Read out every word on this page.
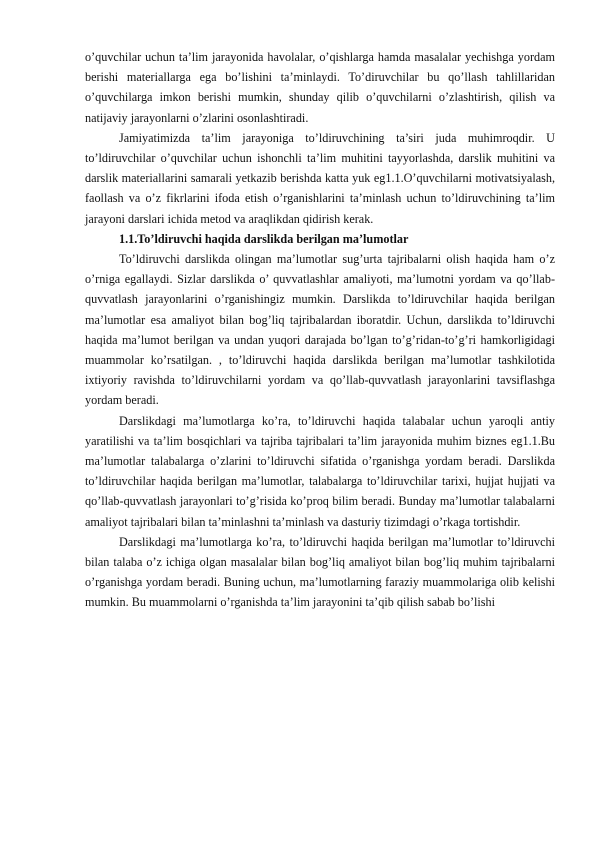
o’quvchilar uchun ta’lim jarayonida havolalar, o’qishlarga hamda masalalar yechishga yordam berishi materiallarga ega bo’lishini ta’minlaydi. To’diruvchilar bu qo’llash tahlillaridan o’quvchilarga imkon berishi mumkin, shunday qilib o’quvchilarni o’zlashtirish, qilish va natijaviy jarayonlarni o’zlarini osonlashtiradi.

Jamiyatimizda ta’lim jarayoniga to’ldiruvchining ta’siri juda muhimroqdir. U to’ldiruvchilar o’quvchilar uchun ishonchli ta’lim muhitini tayyorlashda, darslik muhitini va darslik materiallarini samarali yetkazib berishda katta yuk eg1.1.O’quvchilarni motivatsiyalash, faollash va o’z fikrlarini ifoda etish o’rganishlarini ta’minlash uchun to’ldiruvchining ta’lim jarayoni darslari ichida metod va araqlikdan qidirish kerak.

1.1.To’ldiruvchi haqida darslikda berilgan ma’lumotlar

To’ldiruvchi darslikda olingan ma’lumotlar sug’urta tajribalarni olish haqida ham o’z o’rniga egallaydi. Sizlar darslikda o’ quvvatlashlar amaliyoti, ma’lumotni yordam va qo’llab-quvvatlash jarayonlarini o’rganishingiz mumkin. Darslikda to’ldiruvchilar haqida berilgan ma’lumotlar esa amaliyot bilan bog’liq tajribalardan iboratdir. Uchun, darslikda to’ldiruvchi haqida ma’lumot berilgan va undan yuqori darajada bo’lgan to’g’ridan-to’g’ri hamkorligidagi muammolar ko’rsatilgan. , to’ldiruvchi haqida darslikda berilgan ma’lumotlar tashkilotida ixtiyoriy ravishda to’ldiruvchilarni yordam va qo’llab-quvvatlash jarayonlarini tavsiflashga yordam beradi.

Darslikdagi ma’lumotlarga ko’ra, to’ldiruvchi haqida talabalar uchun yaroqli antiy yaratilishi va ta’lim bosqichlari va tajriba tajribalari ta’lim jarayonida muhim biznes eg1.1.Bu ma’lumotlar talabalarga o’zlarini to’ldiruvchi sifatida o’rganishga yordam beradi. Darslikda to’ldiruvchilar haqida berilgan ma’lumotlar, talabalarga to’ldiruvchilar tarixi, hujjat hujjati va qo’llab-quvvatlash jarayonlari to’g’risida ko’proq bilim beradi. Bunday ma’lumotlar talabalarni amaliyot tajribalari bilan ta’minlashni ta’minlash va dasturiy tizimdagi o’rkaga tortishdir.

Darslikdagi ma’lumotlarga ko’ra, to’ldiruvchi haqida berilgan ma’lumotlar to’ldiruvchi bilan talaba o’z ichiga olgan masalalar bilan bog’liq amaliyot bilan bog’liq muhim tajribalarni o’rganishga yordam beradi. Buning uchun, ma’lumotlarning faraziy muammolariga olib kelishi mumkin. Bu muammolarni o’rganishda ta’lim jarayonini ta’qib qilish sabab bo’lishi
